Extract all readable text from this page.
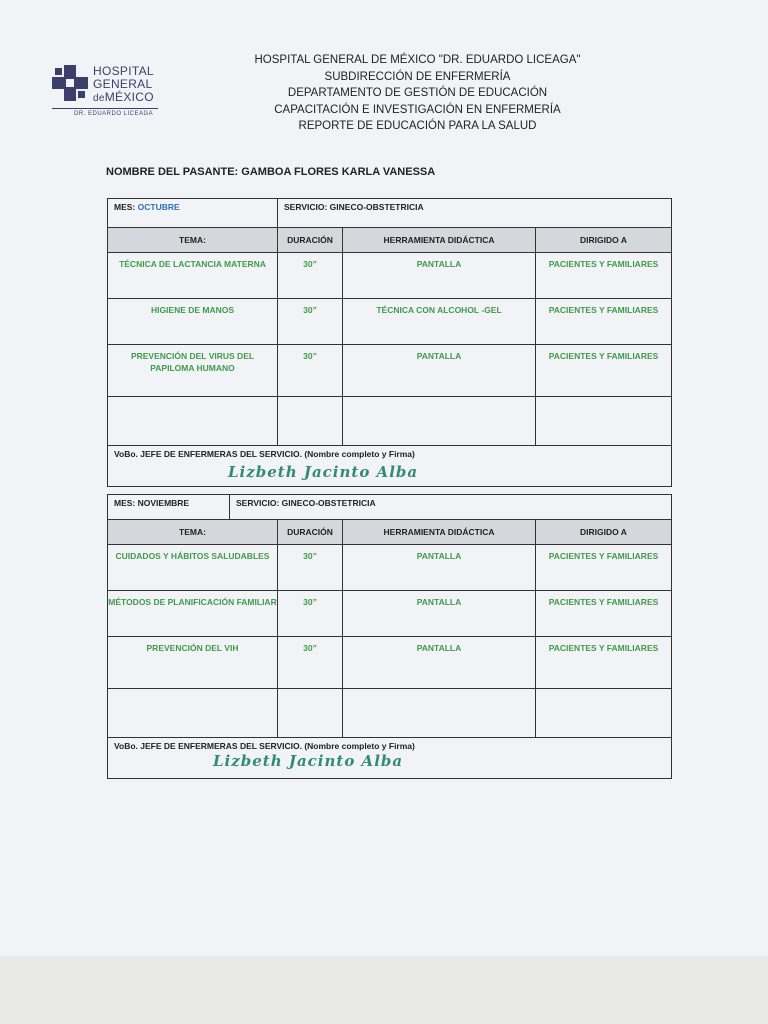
HOSPITAL
GENERAL
deMÉXICO
DR. EDUARDO LICEAGA
HOSPITAL GENERAL DE MÉXICO "DR. EDUARDO LICEAGA"
SUBDIRECCIÓN DE ENFERMERÍA
DEPARTAMENTO DE GESTIÓN DE EDUCACIÓN
CAPACITACIÓN E INVESTIGACIÓN EN ENFERMERÍA
REPORTE DE EDUCACIÓN PARA LA SALUD
NOMBRE DEL PASANTE: GAMBOA FLORES KARLA VANESSA
MES: OCTUBRE	SERVICIO: GINECO-OBSTETRICIA		
TEMA:	DURACIÓN	HERRAMIENTA DIDÁCTICA	DIRIGIDO A
TÉCNICA DE LACTANCIA MATERNA	30”	PANTALLA	PACIENTES Y FAMILIARES
HIGIENE DE MANOS	30”	TÉCNICA CON ALCOHOL -GEL	PACIENTES Y FAMILIARES
PREVENCIÓN DEL VIRUS DEL PAPILOMA HUMANO	30”	PANTALLA	PACIENTES Y FAMILIARES

VoBo. JEFE DE ENFERMERAS DEL SERVICIO. (Nombre completo y Firma)
Lizbeth Jacinto Alba			
MES: NOVIEMBRE	SERVICIO: GINECO-OBSTETRICIA
TEMA:	DURACIÓN	HERRAMIENTA DIDÁCTICA	DIRIGIDO A
CUIDADOS Y HÁBITOS SALUDABLES	30”	PANTALLA	PACIENTES Y FAMILIARES
MÉTODOS DE PLANIFICACIÓN FAMILIAR	30”	PANTALLA	PACIENTES Y FAMILIARES
PREVENCIÓN DEL VIH	30”	PANTALLA	PACIENTES Y FAMILIARES

VoBo. JEFE DE ENFERMERAS DEL SERVICIO. (Nombre completo y Firma)
Lizbeth Jacinto Alba			
